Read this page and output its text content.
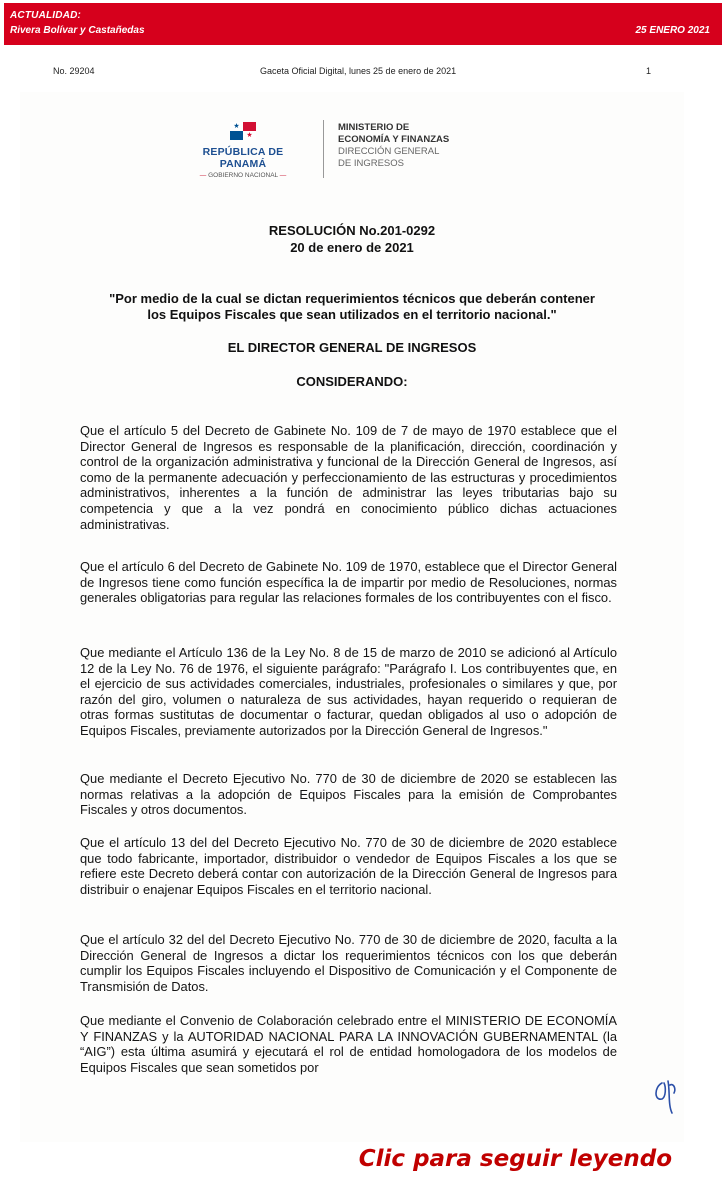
ACTUALIDAD:
Rivera Bolívar y Castañedas	25 ENERO 2021
No. 29204	Gaceta Oficial Digital, lunes 25 de enero de 2021	1
★
★
REPÚBLICA DE PANAMÁ
— GOBIERNO NACIONAL —
MINISTERIO DE
ECONOMÍA Y FINANZAS
DIRECCIÓN GENERAL
DE INGRESOS
RESOLUCIÓN No.201-0292
20 de enero de 2021
"Por medio de la cual se dictan requerimientos técnicos que deberán contener
los Equipos Fiscales que sean utilizados en el territorio nacional."
EL DIRECTOR GENERAL DE INGRESOS
CONSIDERANDO:
Que el artículo 5 del Decreto de Gabinete No. 109 de 7 de mayo de 1970 establece que el Director General de Ingresos es responsable de la planificación, dirección, coordinación y control de la organización administrativa y funcional de la Dirección General de Ingresos, así como de la permanente adecuación y perfeccionamiento de las estructuras y procedimientos administrativos, inherentes a la función de administrar las leyes tributarias bajo su competencia y que a la vez pondrá en conocimiento público dichas actuaciones administrativas.
Que el artículo 6 del Decreto de Gabinete No. 109 de 1970, establece que el Director General de Ingresos tiene como función específica la de impartir por medio de Resoluciones, normas generales obligatorias para regular las relaciones formales de los contribuyentes con el fisco.
Que mediante el Artículo 136 de la Ley No. 8 de 15 de marzo de 2010 se adicionó al Artículo 12 de la Ley No. 76 de 1976, el siguiente parágrafo: "Parágrafo I. Los contribuyentes que, en el ejercicio de sus actividades comerciales, industriales, profesionales o similares y que, por razón del giro, volumen o naturaleza de sus actividades, hayan requerido o requieran de otras formas sustitutas de documentar o facturar, quedan obligados al uso o adopción de Equipos Fiscales, previamente autorizados por la Dirección General de Ingresos."
Que mediante el Decreto Ejecutivo No. 770 de 30 de diciembre de 2020 se establecen las normas relativas a la adopción de Equipos Fiscales para la emisión de Comprobantes Fiscales y otros documentos.
Que el artículo 13 del del Decreto Ejecutivo No. 770 de 30 de diciembre de 2020 establece que todo fabricante, importador, distribuidor o vendedor de Equipos Fiscales a los que se refiere este Decreto deberá contar con autorización de la Dirección General de Ingresos para distribuir o enajenar Equipos Fiscales en el territorio nacional.
Que el artículo 32 del del Decreto Ejecutivo No. 770 de 30 de diciembre de 2020, faculta a la Dirección General de Ingresos a dictar los requerimientos técnicos con los que deberán cumplir los Equipos Fiscales incluyendo el Dispositivo de Comunicación y el Componente de Transmisión de Datos.
Que mediante el Convenio de Colaboración celebrado entre el MINISTERIO DE ECONOMÍA Y FINANZAS y la AUTORIDAD NACIONAL PARA LA INNOVACIÓN GUBERNAMENTAL (la “AIG”) esta última asumirá y ejecutará el rol de entidad homologadora de los modelos de Equipos Fiscales que sean sometidos por
Clic para seguir leyendo
